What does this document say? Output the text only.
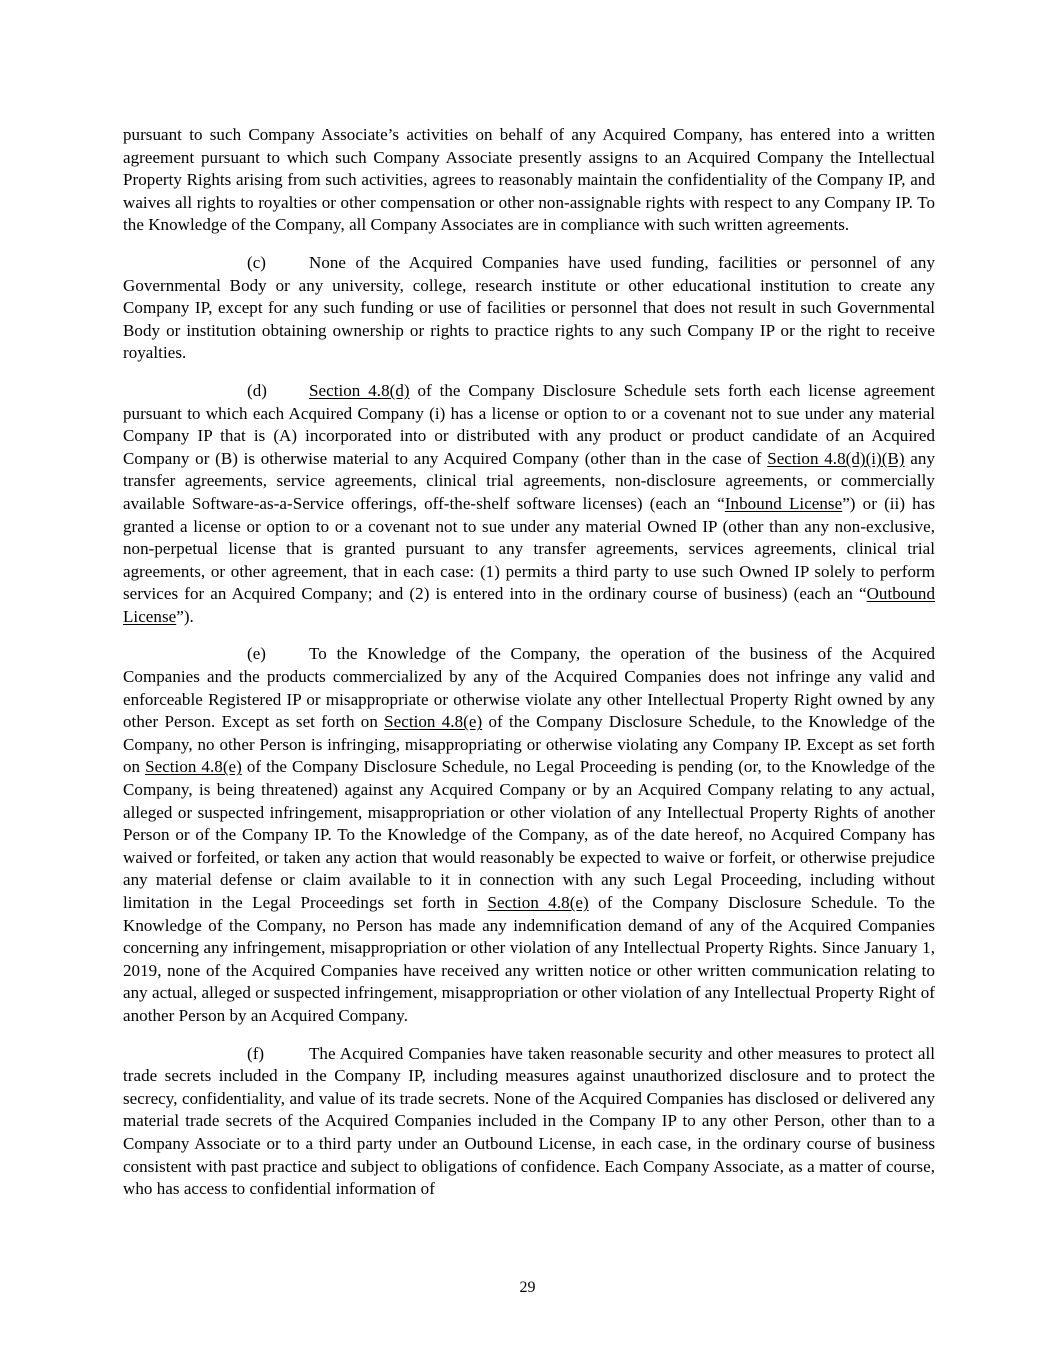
pursuant to such Company Associate’s activities on behalf of any Acquired Company, has entered into a written agreement pursuant to which such Company Associate presently assigns to an Acquired Company the Intellectual Property Rights arising from such activities, agrees to reasonably maintain the confidentiality of the Company IP, and waives all rights to royalties or other compensation or other non-assignable rights with respect to any Company IP. To the Knowledge of the Company, all Company Associates are in compliance with such written agreements.

(c)	None of the Acquired Companies have used funding, facilities or personnel of any Governmental Body or any university, college, research institute or other educational institution to create any Company IP, except for any such funding or use of facilities or personnel that does not result in such Governmental Body or institution obtaining ownership or rights to practice rights to any such Company IP or the right to receive royalties.

(d) Section 4.8(d) of the Company Disclosure Schedule sets forth each license agreement pursuant to which each Acquired Company (i) has a license or option to or a covenant not to sue under any material Company IP that is (A) incorporated into or distributed with any product or product candidate of an Acquired Company or (B) is otherwise material to any Acquired Company (other than in the case of Section 4.8(d)(i)(B) any transfer agreements, service agreements, clinical trial agreements, non-disclosure agreements, or commercially available Software-as-a-Service offerings, off-the-shelf software licenses) (each an “Inbound License”) or (ii) has granted a license or option to or a covenant not to sue under any material Owned IP (other than any non-exclusive, non-perpetual license that is granted pursuant to any transfer agreements, services agreements, clinical trial agreements, or other agreement, that in each case: (1) permits a third party to use such Owned IP solely to perform services for an Acquired Company; and (2) is entered into in the ordinary course of business) (each an “Outbound License”).

(e)	To the Knowledge of the Company, the operation of the business of the Acquired Companies and the products commercialized by any of the Acquired Companies does not infringe any valid and enforceable Registered IP or misappropriate or otherwise violate any other Intellectual Property Right owned by any other Person. Except as set forth on Section 4.8(e) of the Company Disclosure Schedule, to the Knowledge of the Company, no other Person is infringing, misappropriating or otherwise violating any Company IP. Except as set forth on Section 4.8(e) of the Company Disclosure Schedule, no Legal Proceeding is pending (or, to the Knowledge of the Company, is being threatened) against any Acquired Company or by an Acquired Company relating to any actual, alleged or suspected infringement, misappropriation or other violation of any Intellectual Property Rights of another Person or of the Company IP. To the Knowledge of the Company, as of the date hereof, no Acquired Company has waived or forfeited, or taken any action that would reasonably be expected to waive or forfeit, or otherwise prejudice any material defense or claim available to it in connection with any such Legal Proceeding, including without limitation in the Legal Proceedings set forth in Section 4.8(e) of the Company Disclosure Schedule. To the Knowledge of the Company, no Person has made any indemnification demand of any of the Acquired Companies concerning any infringement, misappropriation or other violation of any Intellectual Property Rights. Since January 1, 2019, none of the Acquired Companies have received any written notice or other written communication relating to any actual, alleged or suspected infringement, misappropriation or other violation of any Intellectual Property Right of another Person by an Acquired Company.

(f)	The Acquired Companies have taken reasonable security and other measures to protect all trade secrets included in the Company IP, including measures against unauthorized disclosure and to protect the secrecy, confidentiality, and value of its trade secrets. None of the Acquired Companies has disclosed or delivered any material trade secrets of the Acquired Companies included in the Company IP to any other Person, other than to a Company Associate or to a third party under an Outbound License, in each case, in the ordinary course of business consistent with past practice and subject to obligations of confidence. Each Company Associate, as a matter of course, who has access to confidential information of

29
